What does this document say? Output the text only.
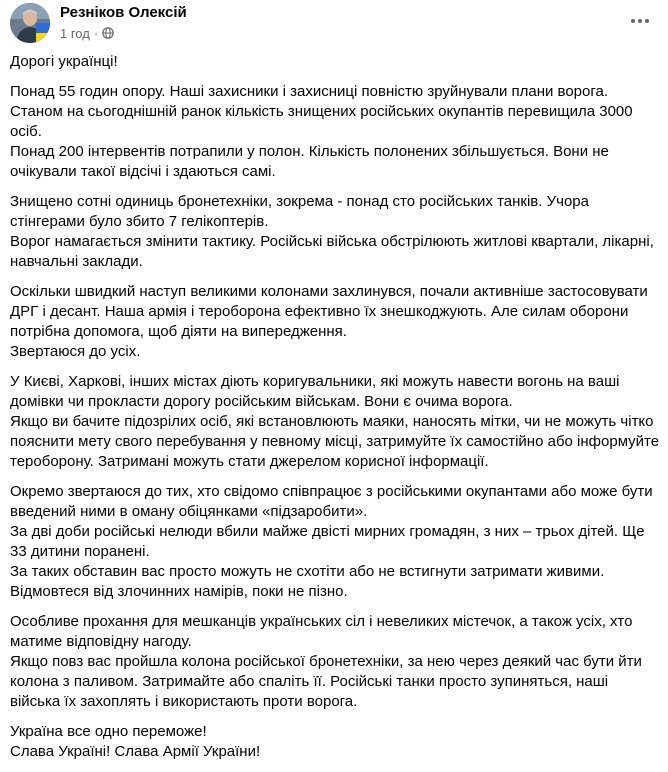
Резніков Олексій
1 год ·

Дорогі українці!

Понад 55 годин опору. Наші захисники і захисниці повністю зруйнували плани ворога.
Станом на сьогоднішній ранок кількість знищених російських окупантів перевищила 3000 осіб.
Понад 200 інтервентів потрапили у полон. Кількість полонених збільшується. Вони не очікували такої відсічі і здаються самі.

Знищено сотні одиниць бронетехніки, зокрема - понад сто російських танків. Учора стінгерами було збито 7 гелікоптерів.
Ворог намагається змінити тактику. Російські війська обстрілюють житлові квартали, лікарні, навчальні заклади.

Оскільки швидкий наступ великими колонами захлинувся, почали активніше застосовувати ДРГ і десант. Наша армія і тероборона ефективно їх знешкоджують. Але силам оборони потрібна допомога, щоб діяти на випередження.
Звертаюся до усіх.

У Києві, Харкові, інших містах діють коригувальники, які можуть навести вогонь на ваші домівки чи прокласти дорогу російським військам. Вони є очима ворога.
Якщо ви бачите підозрілих осіб, які встановлюють маяки, наносять мітки, чи не можуть чітко пояснити мету свого перебування у певному місці, затримуйте їх самостійно або інформуйте тероборону. Затримані можуть стати джерелом корисної інформації.

Окремо звертаюся до тих, хто свідомо співпрацює з російськими окупантами або може бути введений ними в оману обіцянками «підзаробити».
За дві доби російські нелюди вбили майже двісті мирних громадян, з них – трьох дітей. Ще 33 дитини поранені.
За таких обставин вас просто можуть не схотіти або не встигнути затримати живими.
Відмовтеся від злочинних намірів, поки не пізно.

Особливе прохання для мешканців українських сіл і невеликих містечок, а також усіх, хто матиме відповідну нагоду.
Якщо повз вас пройшла колона російської бронетехніки, за нею через деякий час бути йти колона з паливом. Затримайте або спаліть її. Російські танки просто зупиняться, наші війська їх захоплять і використають проти ворога.

Україна все одно переможе!
Слава Україні! Слава Армії України!
